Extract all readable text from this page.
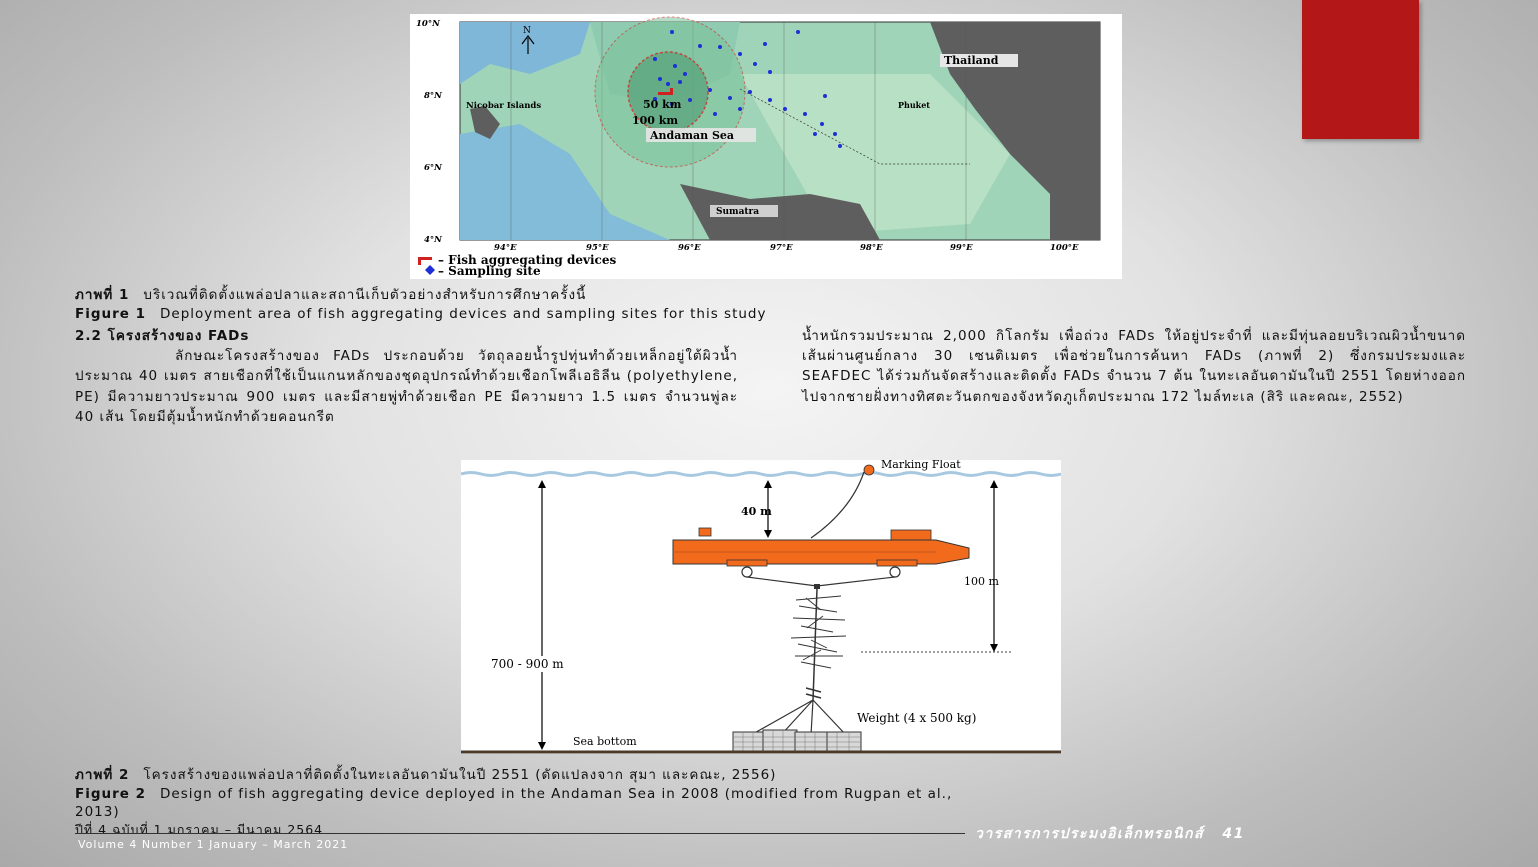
N
Thailand
Nicobar Islands	Phuket
Andaman Sea
Sumatra
50 km
100 km
10°N
8°N
6°N
4°N
94°E	95°E	96°E	97°E	98°E	99°E	100°E
– Fish aggregating devices
– Sampling site
ภาพที่ 1 บริเวณที่ติดตั้งแพล่อปลาและสถานีเก็บตัวอย่างสำหรับการศึกษาครั้งนี้
Figure 1 Deployment area of fish aggregating devices and sampling sites for this study

2.2 โครงสร้างของ FADs

ลักษณะโครงสร้างของ FADs ประกอบด้วย วัตถุลอยน้ำรูปทุ่นทำด้วยเหล็กอยู่ใต้ผิวน้ำประมาณ 40 เมตร สายเชือกที่ใช้เป็นแกนหลักของชุดอุปกรณ์ทำด้วยเชือกโพลีเอธิลีน (polyethylene, PE) มีความยาวประมาณ 900 เมตร และมีสายพู่ทำด้วยเชือก PE มีความยาว 1.5 เมตร จำนวนพู่ละ 40 เส้น โดยมีตุ้มน้ำหนักทำด้วยคอนกรีต

น้ำหนักรวมประมาณ 2,000 กิโลกรัม เพื่อถ่วง FADs ให้อยู่ประจำที่ และมีทุ่นลอยบริเวณผิวน้ำขนาดเส้นผ่านศูนย์กลาง 30 เซนติเมตร เพื่อช่วยในการค้นหา FADs (ภาพที่ 2) ซึ่งกรมประมงและ SEAFDEC ได้ร่วมกันจัดสร้างและติดตั้ง FADs จำนวน 7 ต้น ในทะเลอันดามันในปี 2551 โดยห่างออกไปจากชายฝั่งทางทิศตะวันตกของจังหวัดภูเก็ตประมาณ 172 ไมล์ทะเล (สิริ และคณะ, 2552)

Marking Float
Sea bottom
Weight (4 x 500 kg)
40 m
100 m
700 - 900 m
ภาพที่ 2 โครงสร้างของแพล่อปลาที่ติดตั้งในทะเลอันดามันในปี 2551 (ดัดแปลงจาก สุมา และคณะ, 2556)
Figure 2 Design of fish aggregating device deployed in the Andaman Sea in 2008 (modified from Rugpan et al.,
2013)
ปีที่ 4 ฉบับที่ 1 มกราคม – มีนาคม 2564
Volume 4 Number 1 January – March 2021
วารสารการประมงอิเล็กทรอนิกส์ 41
